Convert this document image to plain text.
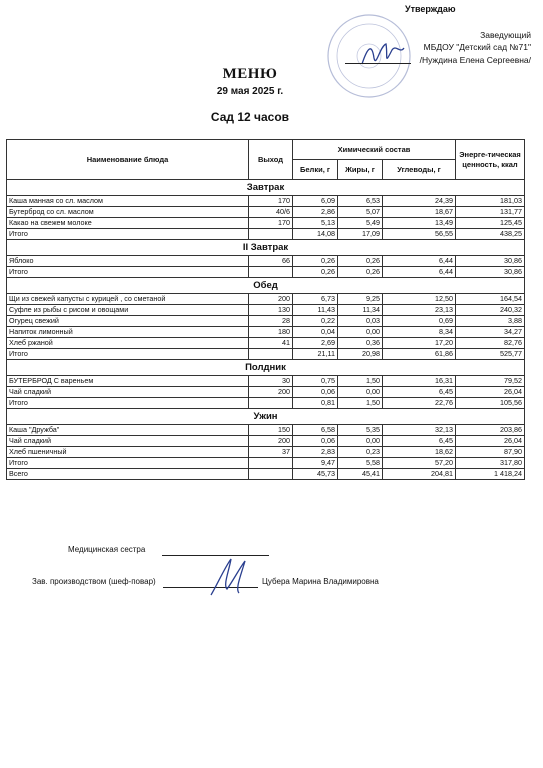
Утверждаю
Заведующий
МБДОУ "Детский сад №71"
/Нуждина Елена Сергеевна/
МЕНЮ
29 мая 2025 г.
Сад 12 часов
Наименование блюда	Выход	Химический состав			Энерге-тическая ценность, ккал
		Белки, г	Жиры, г	Углеводы, г	
Завтрак					
Каша манная со сл. маслом	170	6,09	6,53	24,39	181,03
Бутерброд со сл. маслом	40/6	2,86	5,07	18,67	131,77
Какао на свежем молоке	170	5,13	5,49	13,49	125,45
Итого		14,08	17,09	56,55	438,25
II Завтрак					
Яблоко	66	0,26	0,26	6,44	30,86
Итого		0,26	0,26	6,44	30,86
Обед					
Щи из свежей капусты с курицей , со сметаной	200	6,73	9,25	12,50	164,54
Суфле из рыбы с рисом и овощами	130	11,43	11,34	23,13	240,32
Огурец свежий	28	0,22	0,03	0,69	3,88
Напиток лимонный	180	0,04	0,00	8,34	34,27
Хлеб ржаной	41	2,69	0,36	17,20	82,76
Итого		21,11	20,98	61,86	525,77
Полдник					
БУТЕРБРОД С вареньем	30	0,75	1,50	16,31	79,52
Чай сладкий	200	0,06	0,00	6,45	26,04
Итого		0,81	1,50	22,76	105,56
Ужин					
Каша "Дружба"	150	6,58	5,35	32,13	203,86
Чай сладкий	200	0,06	0,00	6,45	26,04
Хлеб пшеничный	37	2,83	0,23	18,62	87,90
Итого		9,47	5,58	57,20	317,80
Всего		45,73	45,41	204,81	1 418,24
Медицинская сестра
Зав. производством (шеф-повар)	Цубера Марина Владимировна
